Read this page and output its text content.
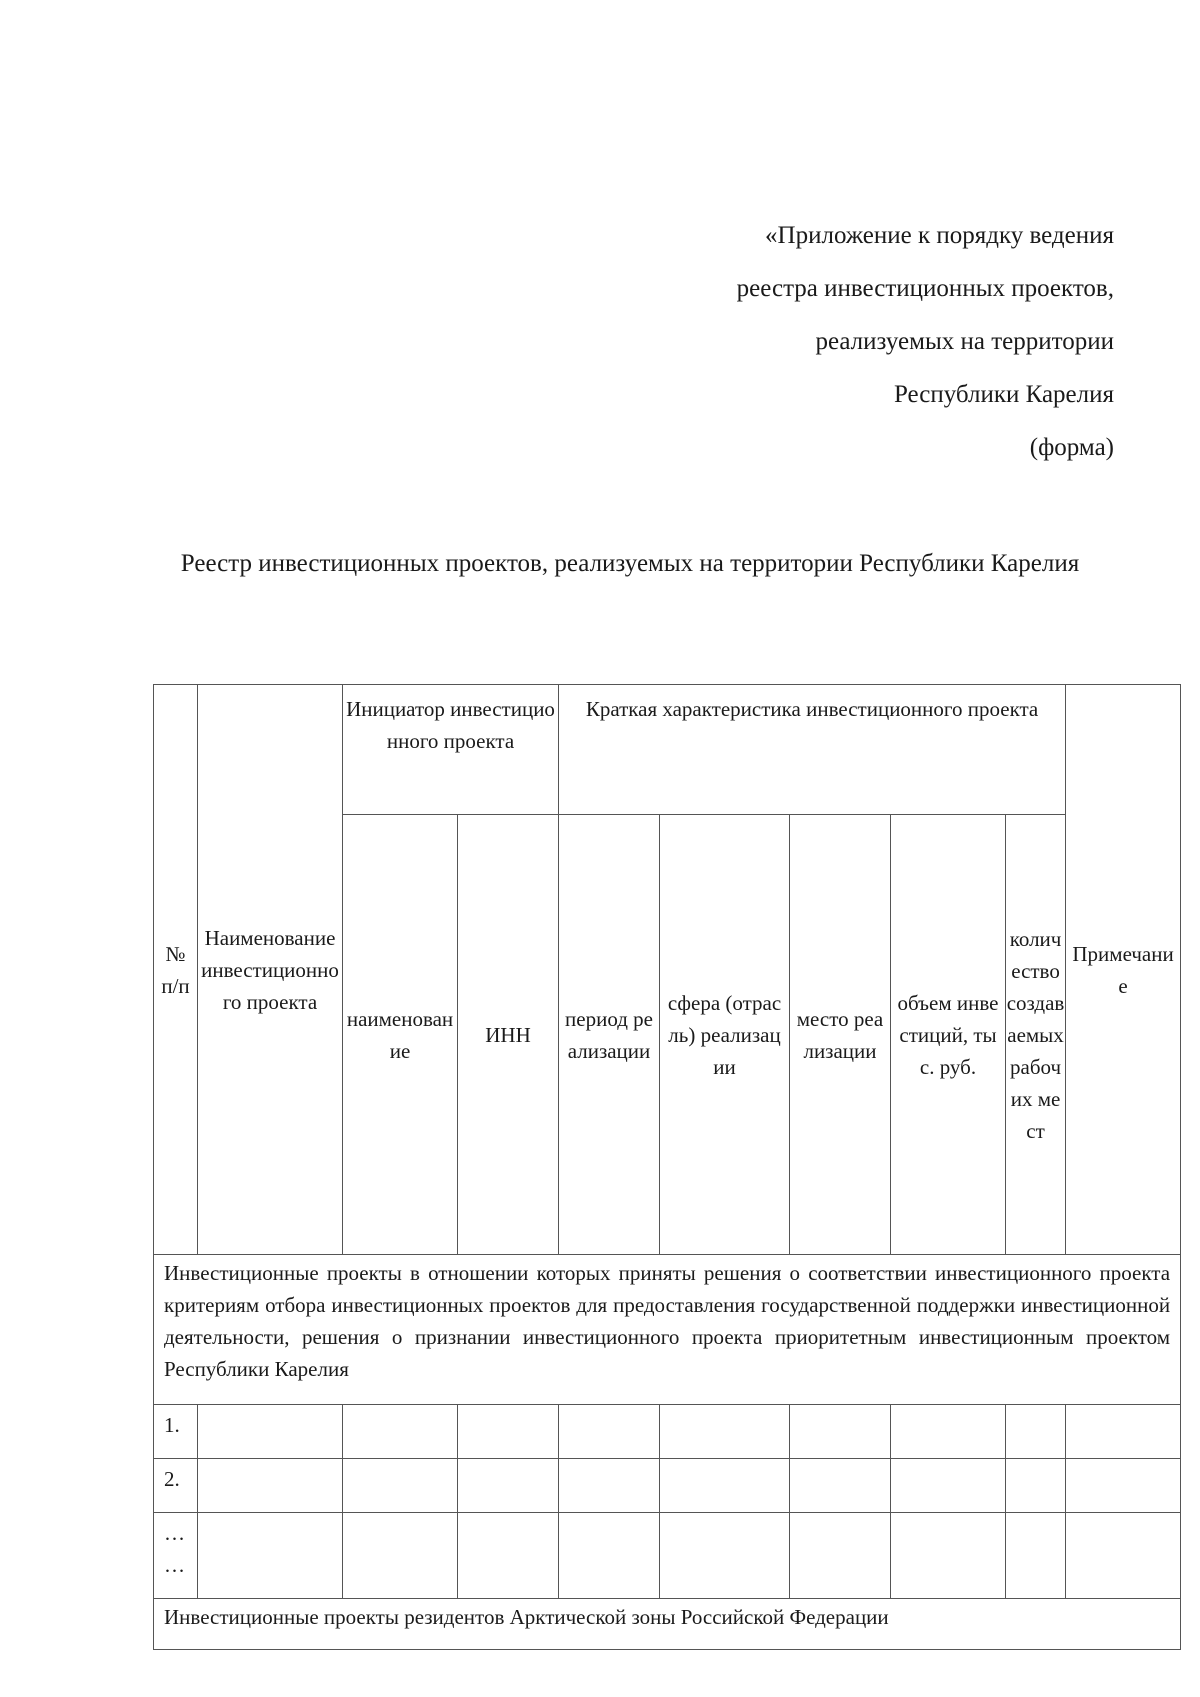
«Приложение к порядку ведения
реестра инвестиционных проектов,
реализуемых на территории
Республики Карелия
(форма)
Реестр инвестиционных проектов, реализуемых на территории Республики Карелия
№ п/п	Наименование инвестиционного проекта	Инициатор инвестиционного проекта		Краткая характеристика инвестиционного проекта					Примечание
		наименование	ИНН	период реализации	сфера (отрасль) реализации	место реализации	объем инвестиций, тыс. руб.	количество создаваемых рабочих мест	
Инвестиционные проекты в отношении которых приняты решения о соответствии инвестиционного проекта критериям отбора инвестиционных проектов для предоставления государственной поддержки инвестиционной деятельности, решения о признании инвестиционного проекта приоритетным инвестиционным проектом Республики Карелия									
1.									
2.									
……									
Инвестиционные проекты резидентов Арктической зоны Российской Федерации									
